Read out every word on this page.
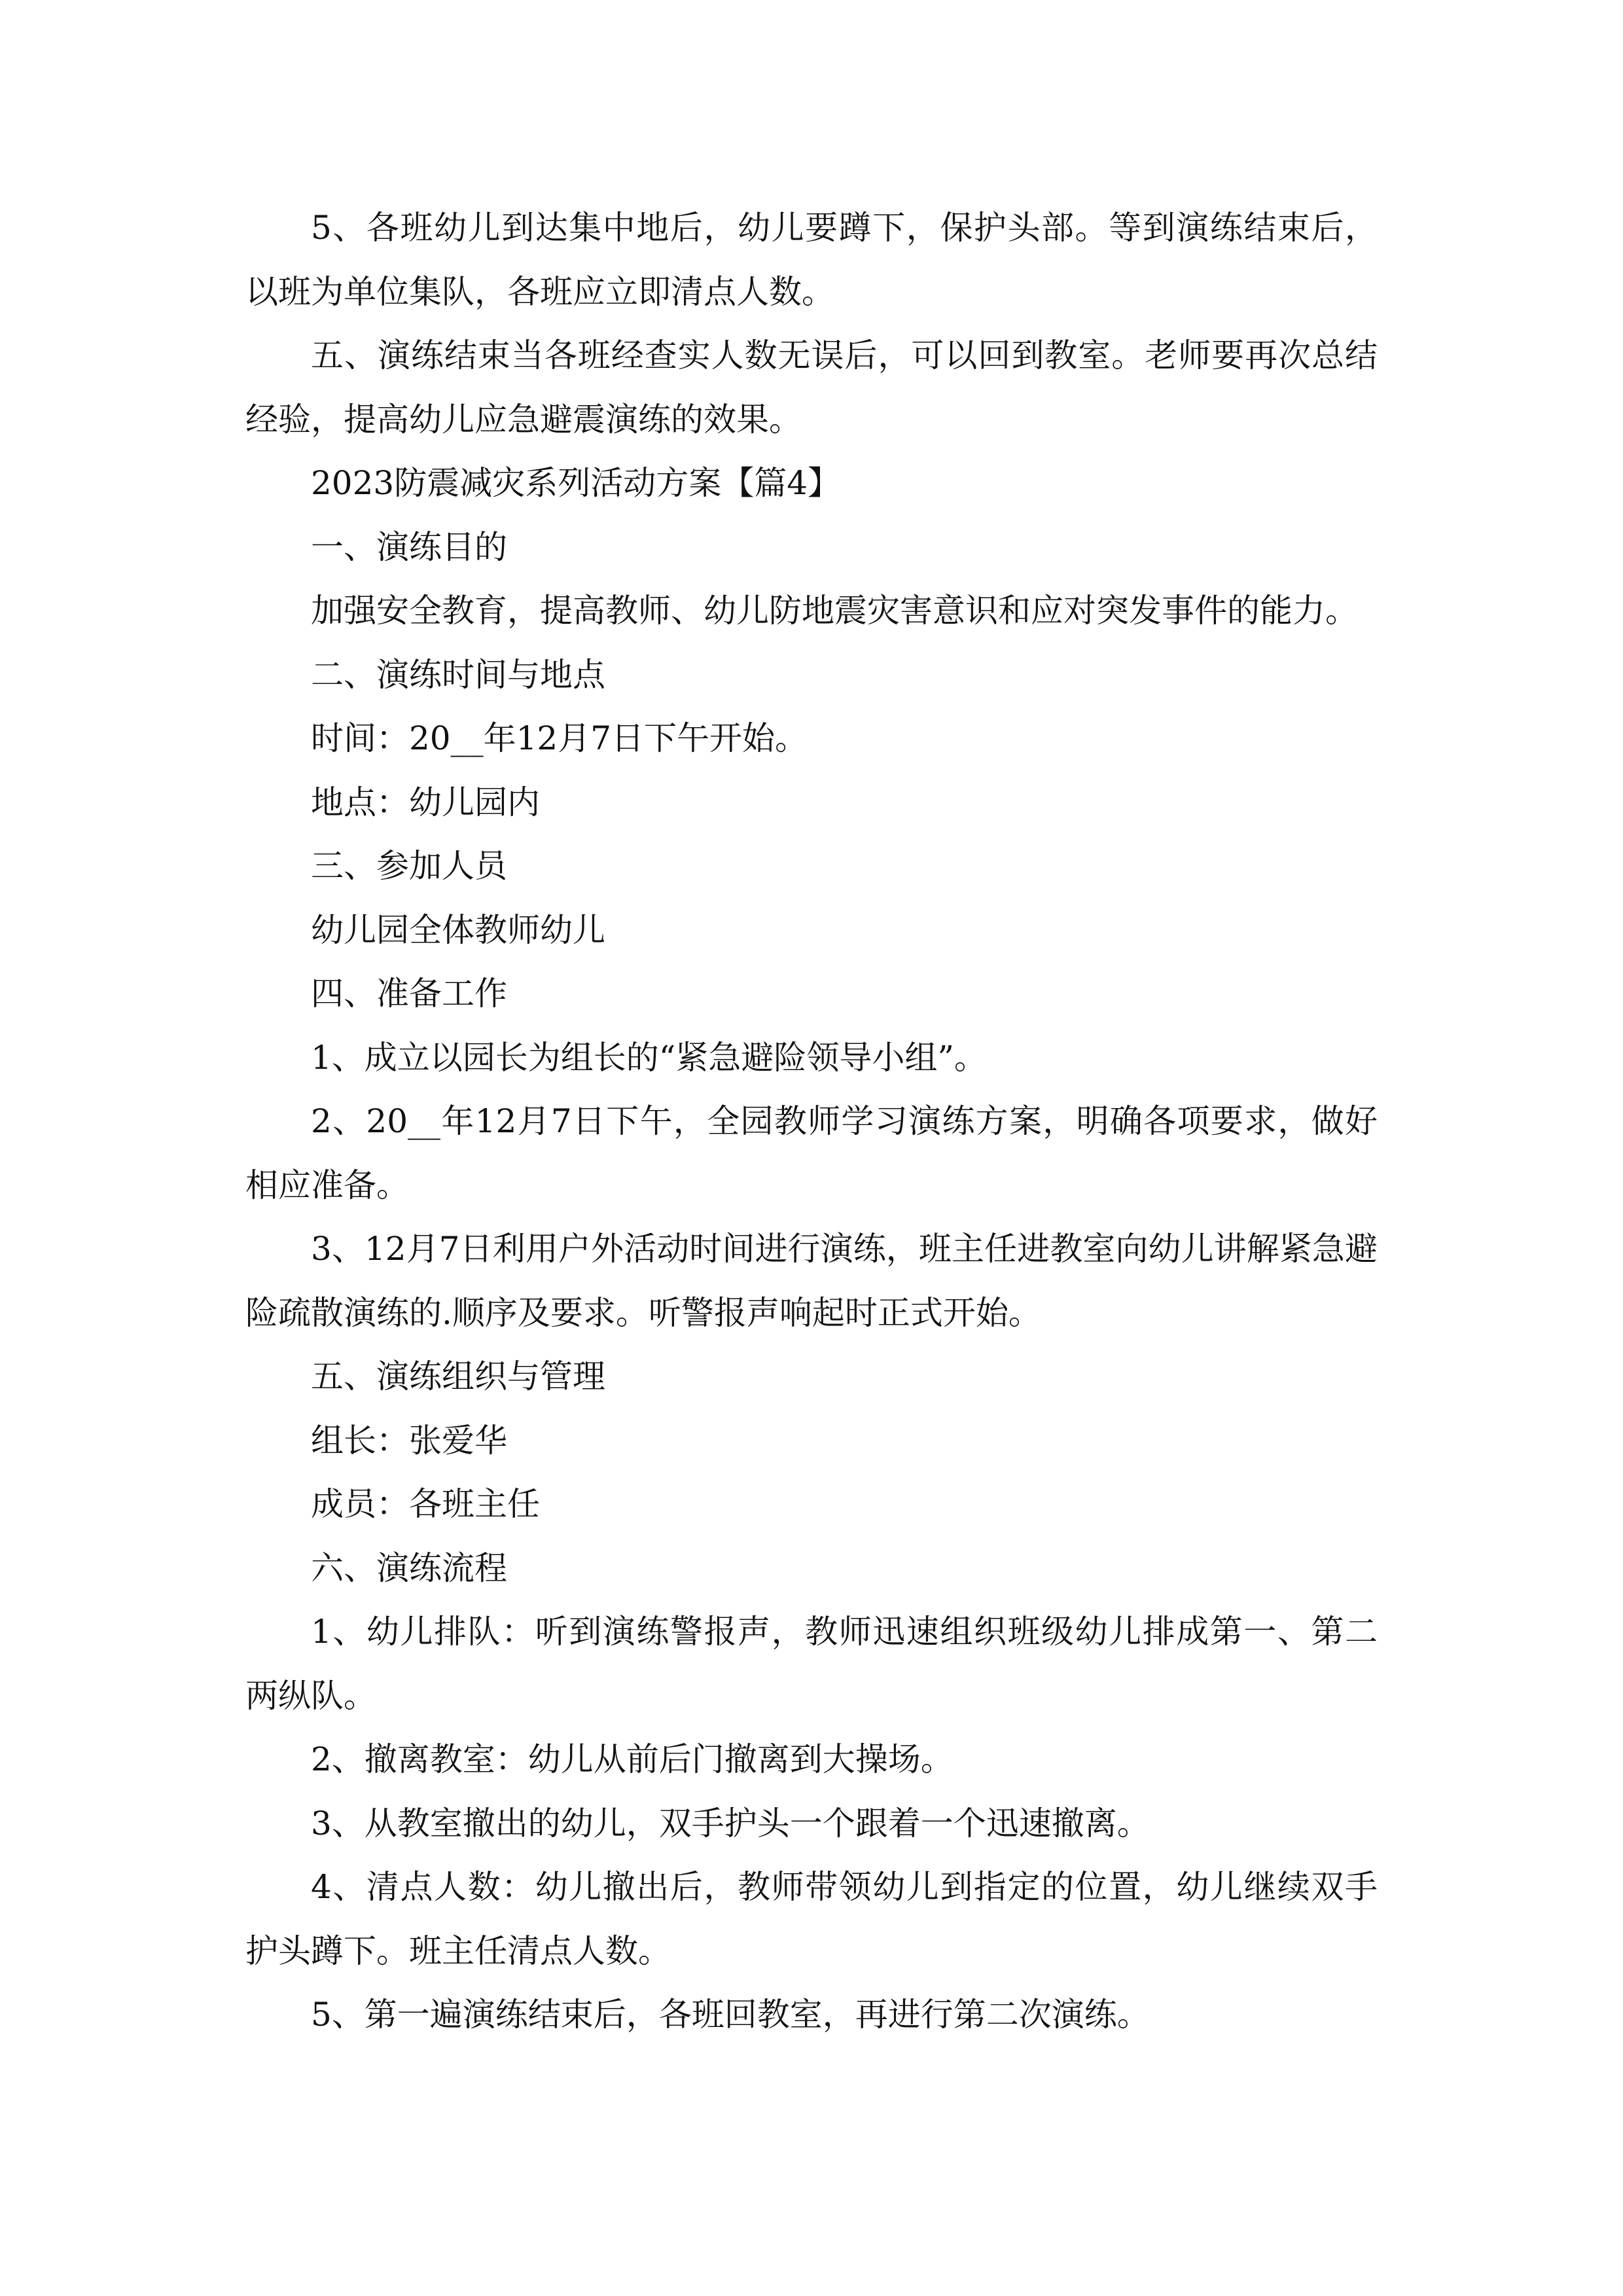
5、各班幼儿到达集中地后，幼儿要蹲下，保护头部。等到演练结束后，以班为单位集队，各班应立即清点人数。

五、演练结束当各班经查实人数无误后，可以回到教室。老师要再次总结经验，提高幼儿应急避震演练的效果。

2023防震减灾系列活动方案【篇4】

一、演练目的

加强安全教育，提高教师、幼儿防地震灾害意识和应对突发事件的能力。

二、演练时间与地点

时间：20__年12月7日下午开始。

地点：幼儿园内

三、参加人员

幼儿园全体教师幼儿

四、准备工作

1、成立以园长为组长的“紧急避险领导小组”。

2、20__年12月7日下午，全园教师学习演练方案，明确各项要求，做好相应准备。

3、12月7日利用户外活动时间进行演练，班主任进教室向幼儿讲解紧急避险疏散演练的.顺序及要求。听警报声响起时正式开始。

五、演练组织与管理

组长：张爱华

成员：各班主任

六、演练流程

1、幼儿排队：听到演练警报声，教师迅速组织班级幼儿排成第一、第二两纵队。

2、撤离教室：幼儿从前后门撤离到大操场。

3、从教室撤出的幼儿，双手护头一个跟着一个迅速撤离。

4、清点人数：幼儿撤出后，教师带领幼儿到指定的位置，幼儿继续双手护头蹲下。班主任清点人数。

5、第一遍演练结束后，各班回教室，再进行第二次演练。
